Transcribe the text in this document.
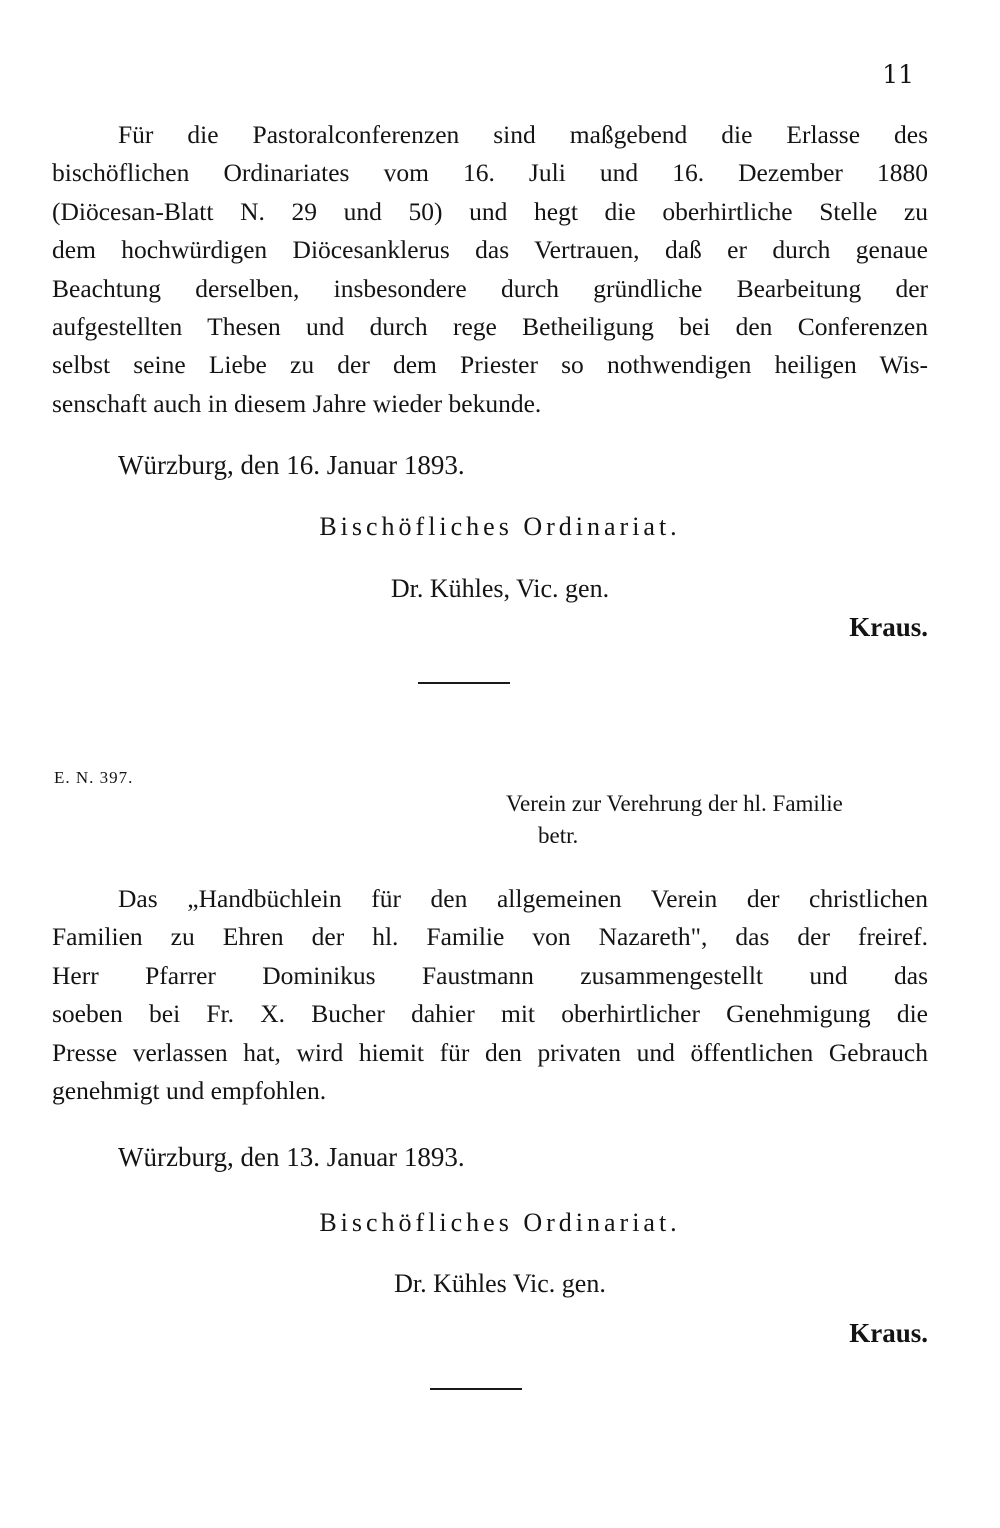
11
Für die Pastoralconferenzen sind maßgebend die Erlasse des
bischöflichen Ordinariates vom 16. Juli und 16. Dezember 1880
(Diöcesan-Blatt N. 29 und 50) und hegt die oberhirtliche Stelle zu
dem hochwürdigen Diöcesanklerus das Vertrauen, daß er durch genaue
Beachtung derselben, insbesondere durch gründliche Bearbeitung der
aufgestellten Thesen und durch rege Betheiligung bei den Conferenzen
selbst seine Liebe zu der dem Priester so nothwendigen heiligen Wis-
senschaft auch in diesem Jahre wieder bekunde.
Würzburg, den 16. Januar 1893.
Bischöfliches Ordinariat.
Dr. Kühles, Vic. gen.
Kraus.
E. N. 397.
Verein zur Verehrung der hl. Familie
betr.
Das „Handbüchlein für den allgemeinen Verein der christlichen
Familien zu Ehren der hl. Familie von Nazareth", das der freiref.
Herr Pfarrer Dominikus Faustmann zusammengestellt und das
soeben bei Fr. X. Bucher dahier mit oberhirtlicher Genehmigung die
Presse verlassen hat, wird hiemit für den privaten und öffentlichen Gebrauch
genehmigt und empfohlen.
Würzburg, den 13. Januar 1893.
Bischöfliches Ordinariat.
Dr. Kühles Vic. gen.
Kraus.
